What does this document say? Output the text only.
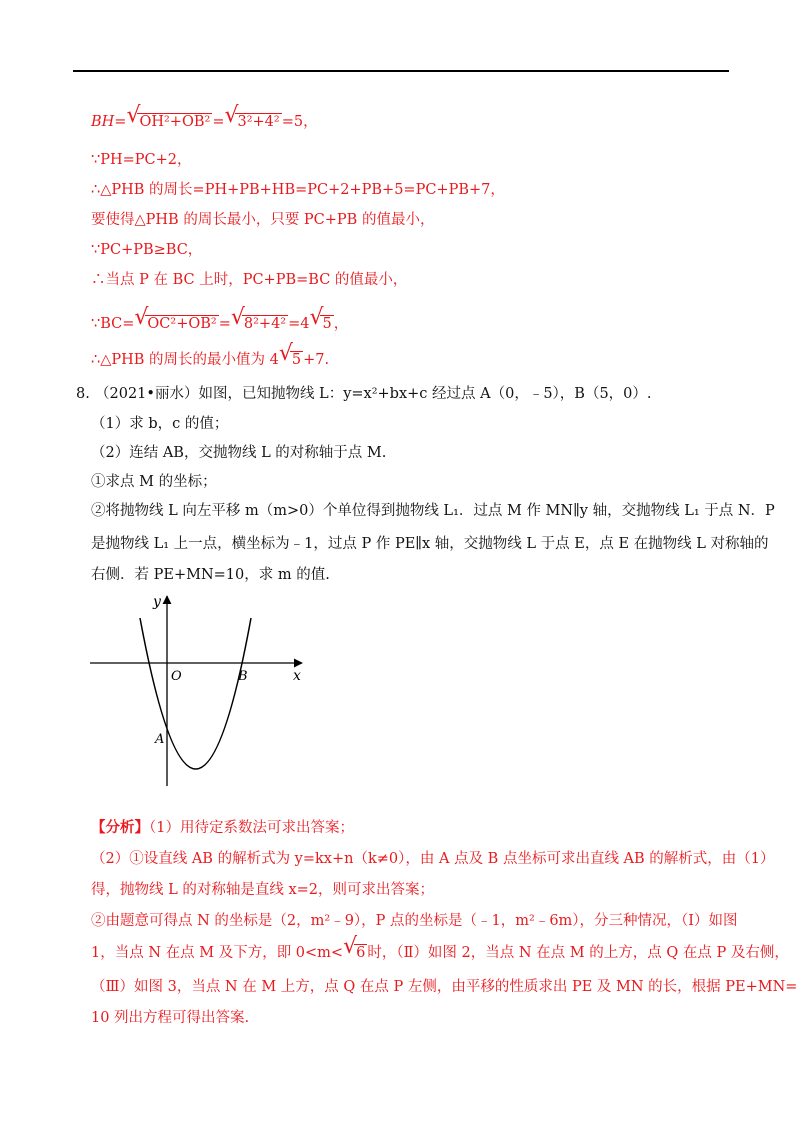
BH= √ OH²+OB² = √ 3²+4² =5，
∵PH=PC+2，
∴△PHB 的周长=PH+PB+HB=PC+2+PB+5=PC+PB+7，
要使得△PHB 的周长最小，只要 PC+PB 的值最小，
∵PC+PB≥BC，
∴当点 P 在 BC 上时，PC+PB=BC 的值最小，
∵BC= √ OC²+OB² = √ 8²+4² =4 √ 5 ，
∴△PHB 的周长的最小值为 4 √ 5 +7.
8. （2021•丽水）如图，已知抛物线 L：y=x²+bx+c 经过点 A（0，﹣5），B（5，0）.
（1）求 b，c 的值；
（2）连结 AB，交抛物线 L 的对称轴于点 M.
①求点 M 的坐标；
②将抛物线 L 向左平移 m（m>0）个单位得到抛物线 L₁．过点 M 作 MN∥y 轴，交抛物线 L₁ 于点 N．P
是抛物线 L₁ 上一点，横坐标为﹣1，过点 P 作 PE∥x 轴，交抛物线 L 于点 E，点 E 在抛物线 L 对称轴的
右侧．若 PE+MN=10，求 m 的值.
y
x
O	B
A
【分析】（1）用待定系数法可求出答案；
（2）①设直线 AB 的解析式为 y=kx+n（k≠0），由 A 点及 B 点坐标可求出直线 AB 的解析式，由（1）
得，抛物线 L 的对称轴是直线 x=2，则可求出答案；
②由题意可得点 N 的坐标是（2，m²﹣9），P 点的坐标是（﹣1，m²﹣6m），分三种情况，（Ⅰ）如图
1，当点 N 在点 M 及下方，即 0<m< √ 6 时，（Ⅱ）如图 2，当点 N 在点 M 的上方，点 Q 在点 P 及右侧，
（Ⅲ）如图 3，当点 N 在 M 上方，点 Q 在点 P 左侧，由平移的性质求出 PE 及 MN 的长，根据 PE+MN=
10 列出方程可得出答案.
